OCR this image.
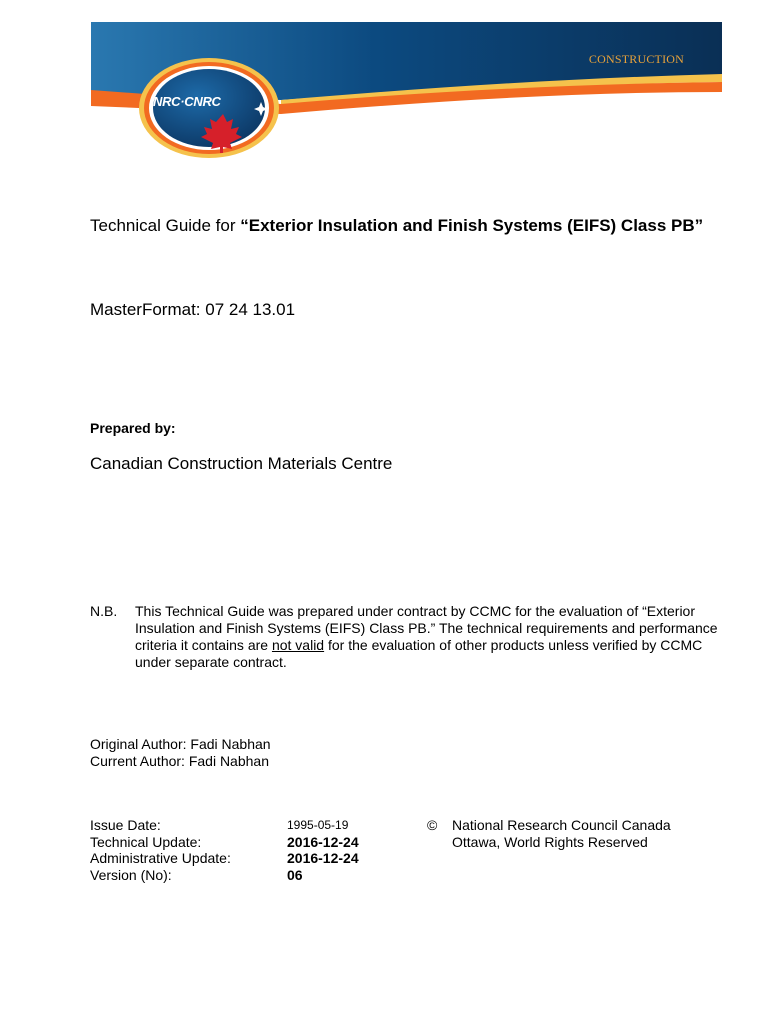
NRC·CNRC
CONSTRUCTION
Technical Guide for “Exterior Insulation and Finish Systems (EIFS) Class PB”
MasterFormat: 07 24 13.01
Prepared by:
Canadian Construction Materials Centre
N.B. This Technical Guide was prepared under contract by CCMC for the evaluation of “Exterior Insulation and Finish Systems (EIFS) Class PB.” The technical requirements and performance criteria it contains are not valid for the evaluation of other products unless verified by CCMC under separate contract.
Original Author: Fadi Nabhan
Current Author: Fadi Nabhan
Issue Date:	1995-05-19
Technical Update:	2016-12-24
Administrative Update:	2016-12-24
Version (No):	06
©	National Research Council Canada
Ottawa, World Rights Reserved
